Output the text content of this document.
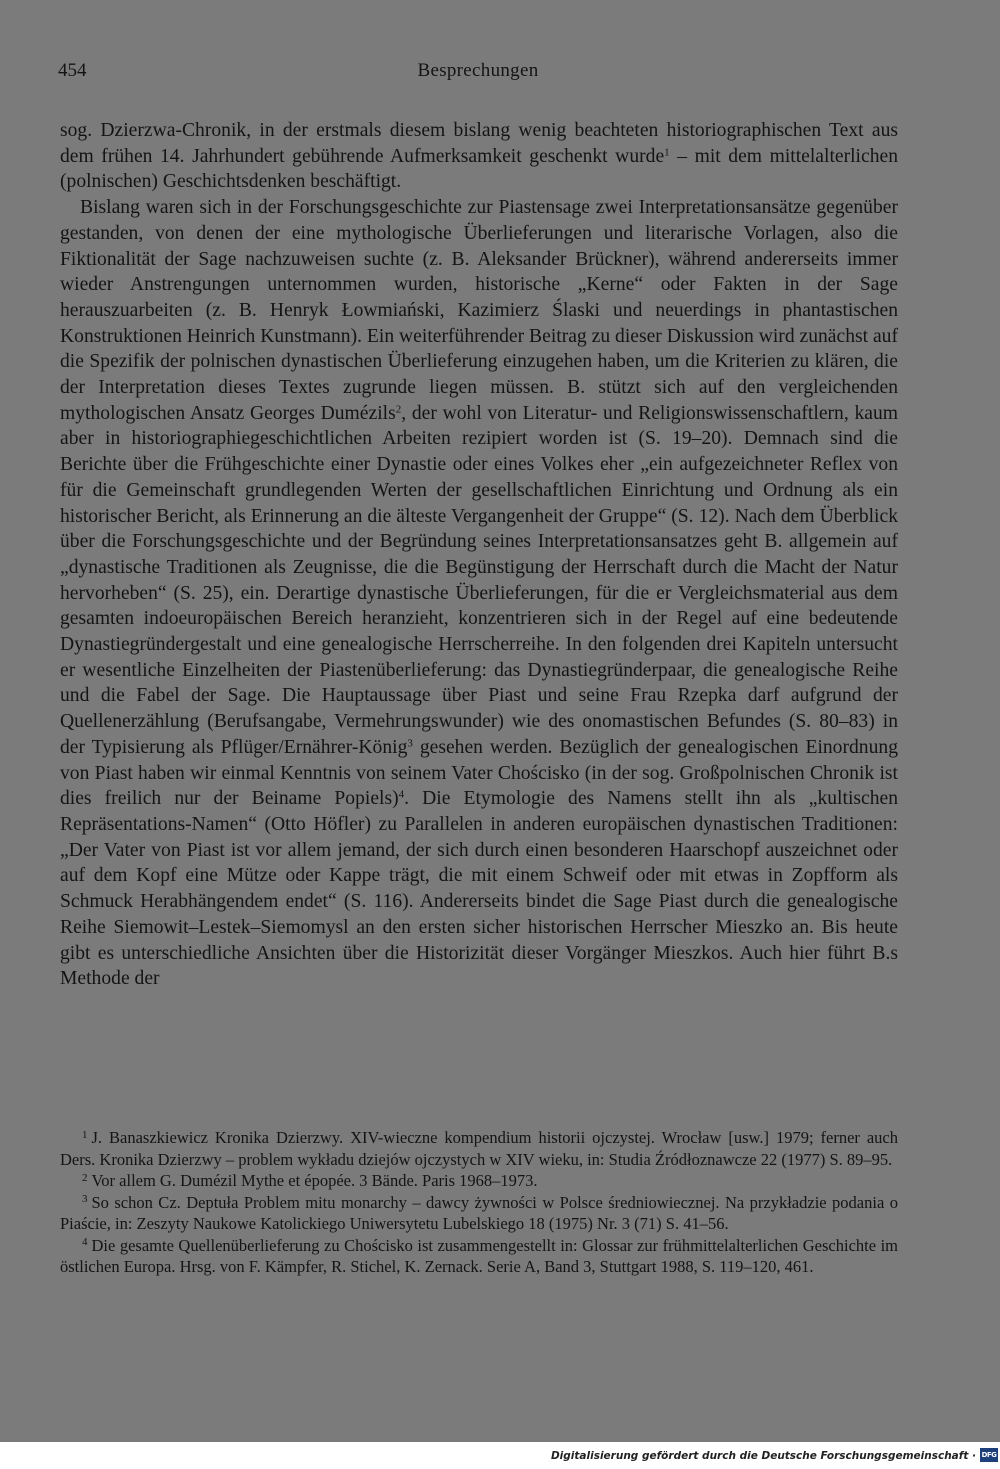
454	Besprechungen

sog. Dzierzwa-Chronik, in der erstmals diesem bislang wenig beachteten historiographischen Text aus dem frühen 14. Jahrhundert gebührende Aufmerksamkeit geschenkt wurde$^1$ – mit dem mittelalterlichen (polnischen) Geschichtsdenken beschäftigt.

Bislang waren sich in der Forschungsgeschichte zur Piastensage zwei Interpretationsansätze gegenüber gestanden, von denen der eine mythologische Überlieferungen und literarische Vorlagen, also die Fiktionalität der Sage nachzuweisen suchte (z. B. Aleksander Brückner), während andererseits immer wieder Anstrengungen unternommen wurden, historische „Kerne“ oder Fakten in der Sage herauszuarbeiten (z. B. Henryk Łowmiański, Kazimierz Ślaski und neuerdings in phantastischen Konstruktionen Heinrich Kunstmann). Ein weiterführender Beitrag zu dieser Diskussion wird zunächst auf die Spezifik der polnischen dynastischen Überlieferung einzugehen haben, um die Kriterien zu klären, die der Interpretation dieses Textes zugrunde liegen müssen. B. stützt sich auf den vergleichenden mythologischen Ansatz Georges Dumézils$^2$, der wohl von Literatur- und Religionswissenschaftlern, kaum aber in historiographiegeschichtlichen Arbeiten rezipiert worden ist (S. 19–20). Demnach sind die Berichte über die Frühgeschichte einer Dynastie oder eines Volkes eher „ein aufgezeichneter Reflex von für die Gemeinschaft grundlegenden Werten der gesellschaftlichen Einrichtung und Ordnung als ein historischer Bericht, als Erinnerung an die älteste Vergangenheit der Gruppe“ (S. 12). Nach dem Überblick über die Forschungsgeschichte und der Begründung seines Interpretationsansatzes geht B. allgemein auf „dynastische Traditionen als Zeugnisse, die die Begünstigung der Herrschaft durch die Macht der Natur hervorheben“ (S. 25), ein. Derartige dynastische Überlieferungen, für die er Vergleichsmaterial aus dem gesamten indoeuropäischen Bereich heranzieht, konzentrieren sich in der Regel auf eine bedeutende Dynastiegründergestalt und eine genealogische Herrscherreihe. In den folgenden drei Kapiteln untersucht er wesentliche Einzelheiten der Piastenüberlieferung: das Dynastiegründerpaar, die genealogische Reihe und die Fabel der Sage. Die Hauptaussage über Piast und seine Frau Rzepka darf aufgrund der Quellenerzählung (Berufsangabe, Vermehrungswunder) wie des onomastischen Befundes (S. 80–83) in der Typisierung als Pflüger/Ernährer-König$^3$ gesehen werden. Bezüglich der genealogischen Einordnung von Piast haben wir einmal Kenntnis von seinem Vater Chościsko (in der sog. Großpolnischen Chronik ist dies freilich nur der Beiname Popiels)$^4$. Die Etymologie des Namens stellt ihn als „kultischen Repräsentations-Namen“ (Otto Höfler) zu Parallelen in anderen europäischen dynastischen Traditionen: „Der Vater von Piast ist vor allem jemand, der sich durch einen besonderen Haarschopf auszeichnet oder auf dem Kopf eine Mütze oder Kappe trägt, die mit einem Schweif oder mit etwas in Zopfform als Schmuck Herabhängendem endet“ (S. 116). Andererseits bindet die Sage Piast durch die genealogische Reihe Siemowit–Lestek–Siemomysl an den ersten sicher historischen Herrscher Mieszko an. Bis heute gibt es unterschiedliche Ansichten über die Historizität dieser Vorgänger Mieszkos. Auch hier führt B.s Methode der

$^1$ J. Banaszkiewicz Kronika Dzierzwy. XIV-wieczne kompendium historii ojczystej. Wrocław [usw.] 1979; ferner auch Ders. Kronika Dzierzwy – problem wykładu dziejów ojczystych w XIV wieku, in: Studia Źródłoznawcze 22 (1977) S. 89–95.

$^2$ Vor allem G. Dumézil Mythe et épopée. 3 Bände. Paris 1968–1973.

$^3$ So schon Cz. Deptuła Problem mitu monarchy – dawcy żywności w Polsce średniowiecznej. Na przykładzie podania o Piaście, in: Zeszyty Naukowe Katolickiego Uniwersytetu Lubelskiego 18 (1975) Nr. 3 (71) S. 41–56.

$^4$ Die gesamte Quellenüberlieferung zu Chościsko ist zusammengestellt in: Glossar zur frühmittelalterlichen Geschichte im östlichen Europa. Hrsg. von F. Kämpfer, R. Stichel, K. Zernack. Serie A, Band 3, Stuttgart 1988, S. 119–120, 461.

Digitalisierung gefördert durch die Deutsche Forschungsgemeinschaft · DFG
